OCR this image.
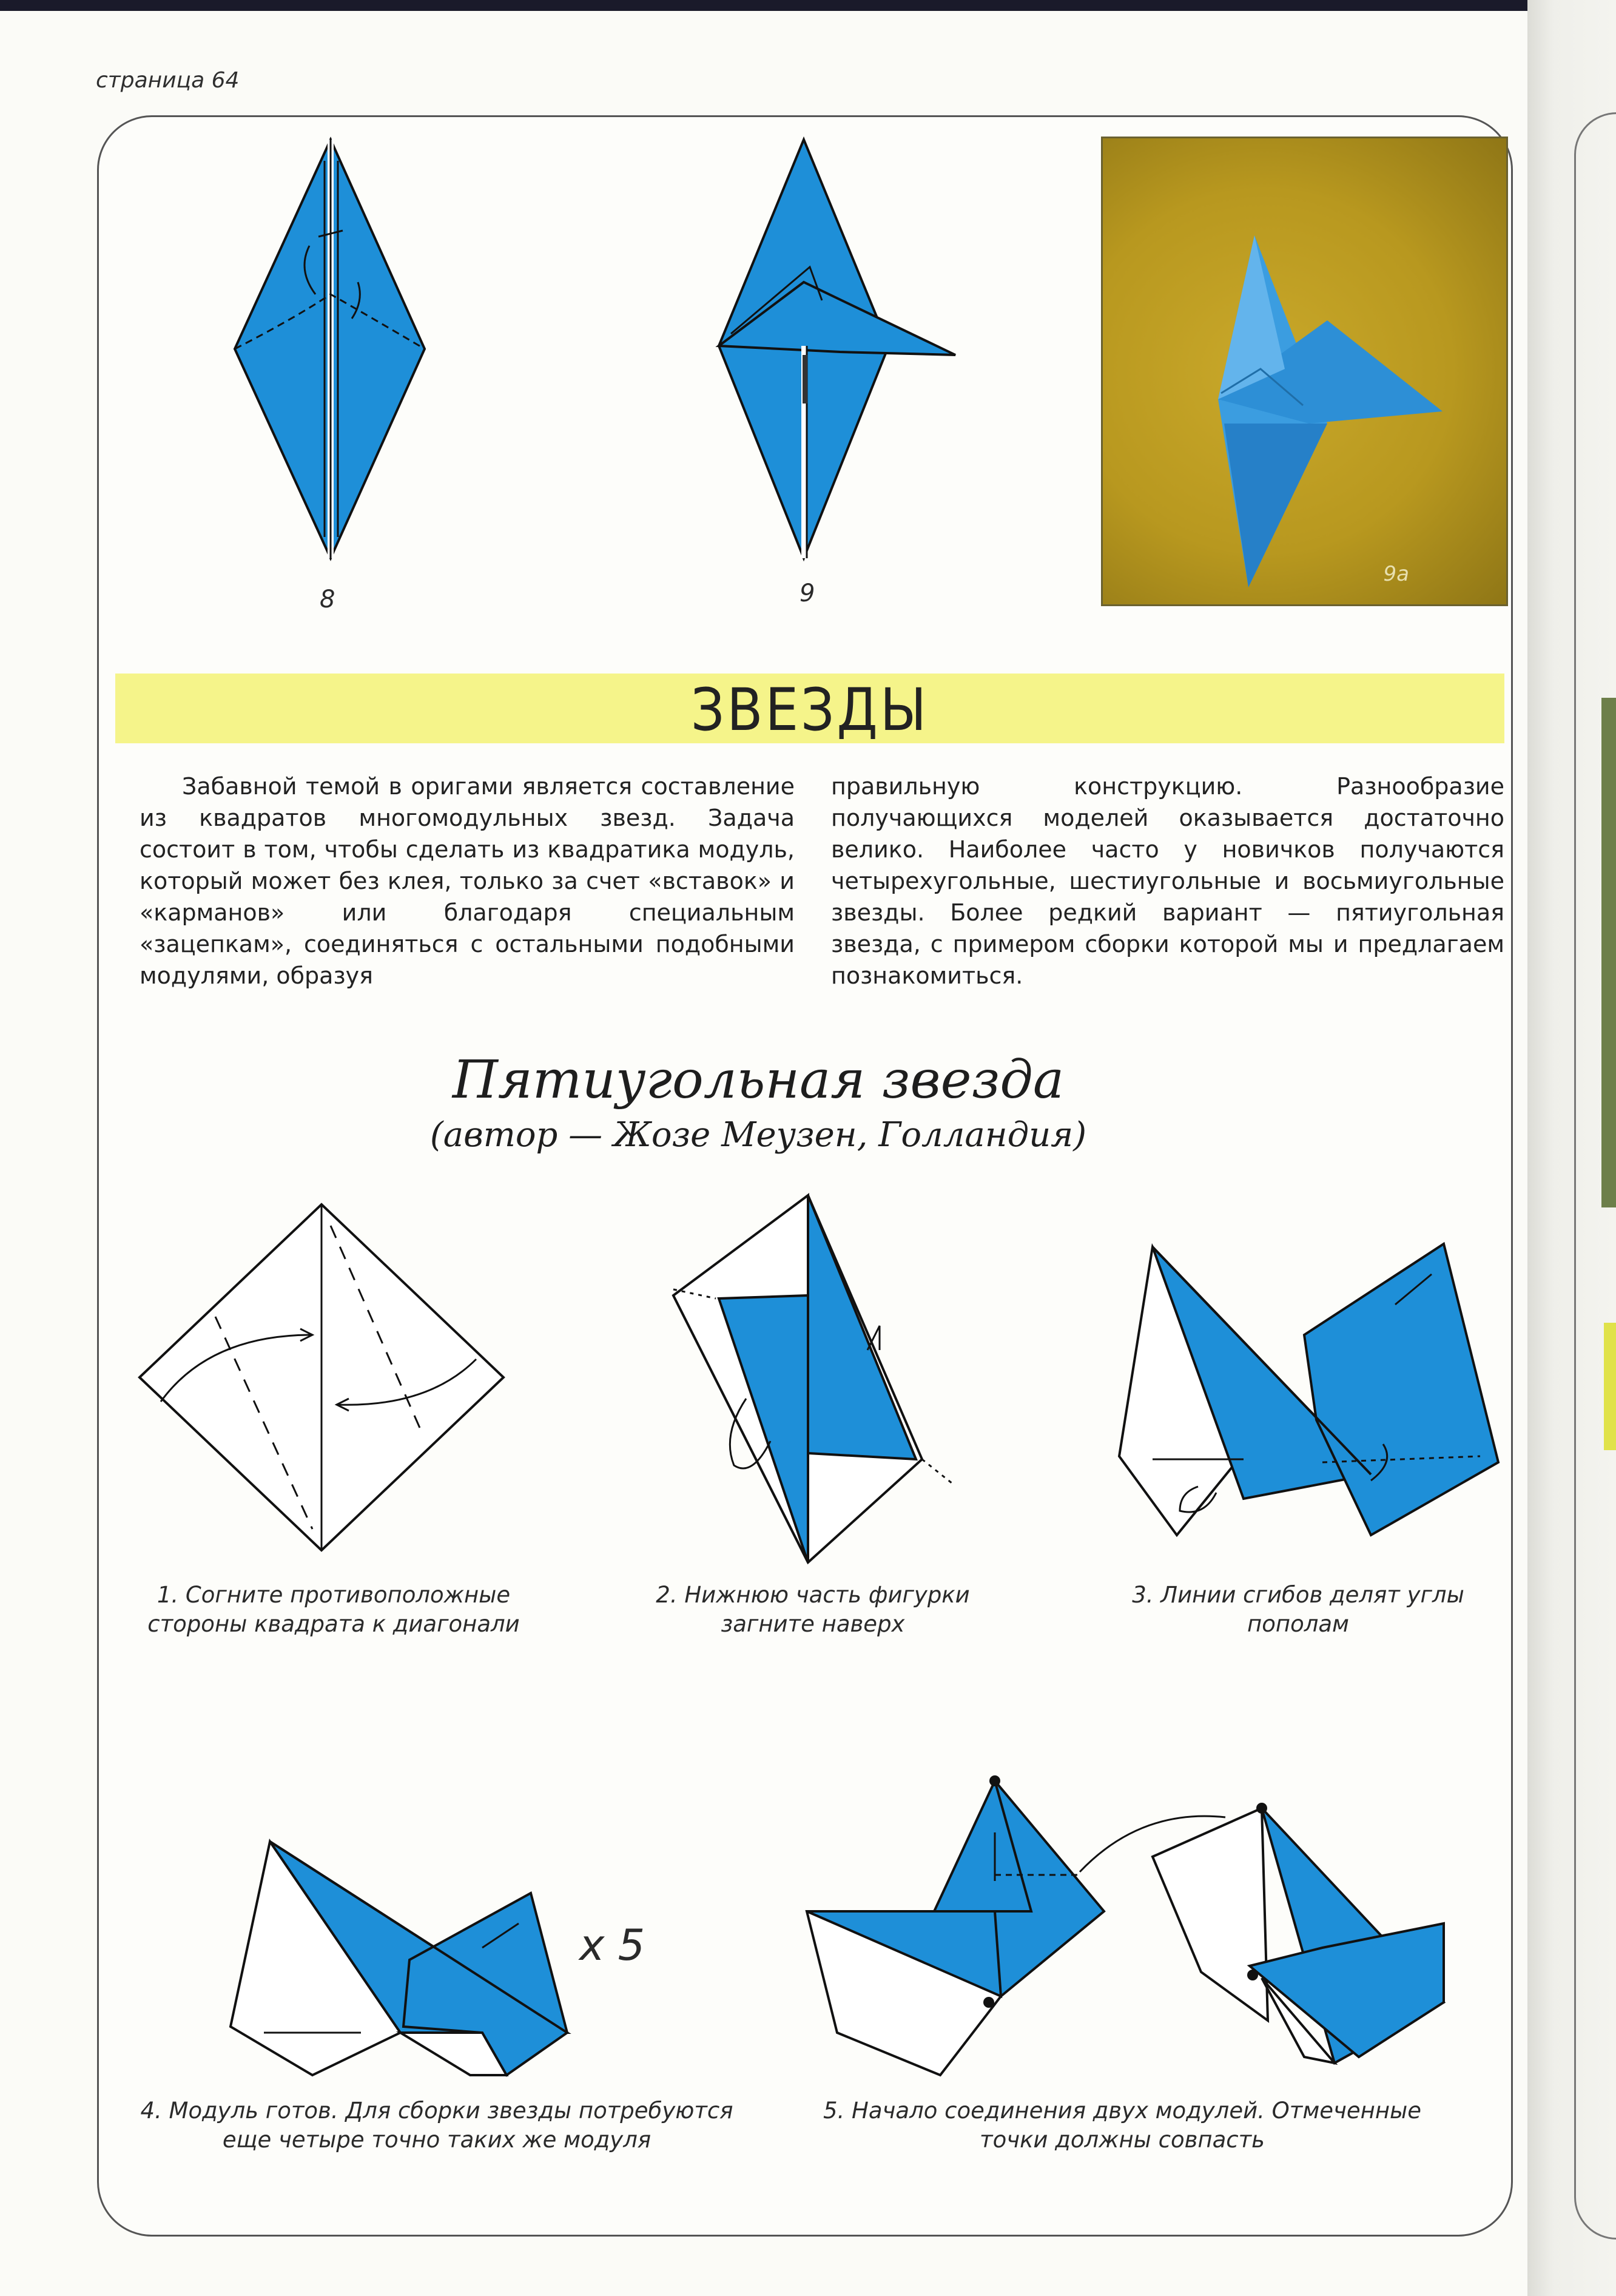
страница 64
8	9
9а
ЗВЕЗДЫ

Забавной темой в оригами является составление из квадратов многомодульных звезд. Задача состоит в том, чтобы сделать из квадратика модуль, который может без клея, только за счет «вставок» и «карманов» или благодаря специальным «зацепкам», соединяться с остальными подобными модулями, образуя

правильную конструкцию. Разнообразие получающихся моделей оказывается достаточно велико. Наиболее часто у новичков получаются четырехугольные, шестиугольные и восьмиугольные звезды. Более редкий вариант — пятиугольная звезда, с примером сборки которой мы и предлагаем познакомиться.

Пятиугольная звезда
(автор — Жозе Меузен, Голландия)
1. Согните противоположные стороны квадрата к диагонали
2. Нижнюю часть фигурки загните наверх
3. Линии сгибов делят углы пополам
x 5
4. Модуль готов. Для сборки звезды потребуются еще четыре точно таких же модуля
5. Начало соединения двух модулей. Отмеченные точки должны совпасть
